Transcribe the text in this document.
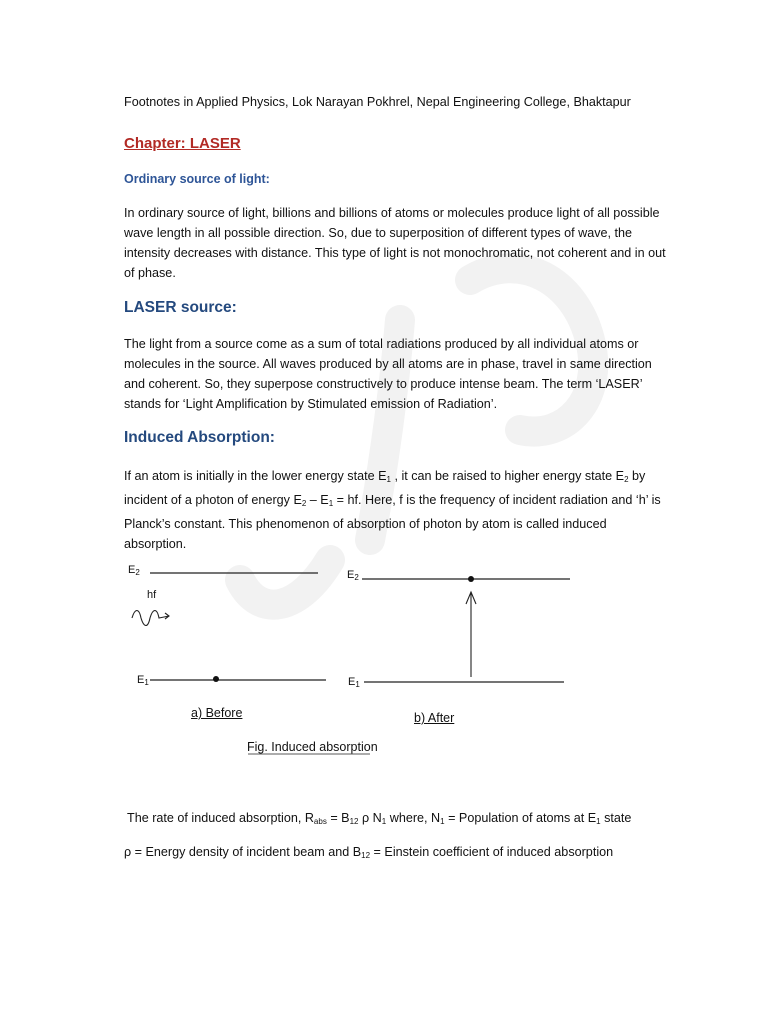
Footnotes in Applied Physics, Lok Narayan Pokhrel, Nepal Engineering College, Bhaktapur
Chapter: LASER
Ordinary source of light:

In ordinary source of light, billions and billions of atoms or molecules produce light of all possible

wave length in all possible direction. So, due to superposition of different types of wave, the

intensity decreases with distance. This type of light is not monochromatic, not coherent and in out

of phase.

LASER source:

The light from a source come as a sum of total radiations produced by all individual atoms or

molecules in the source. All waves produced by all atoms are in phase, travel in same direction

and coherent. So, they superpose constructively to produce intense beam. The term ‘LASER’

stands for ‘Light Amplification by Stimulated emission of Radiation’.

Induced Absorption:

If an atom is initially in the lower energy state $E_1$ , it can be raised to higher energy state $E_2$ by

incident of a photon of energy $E_2 - E_1$ = hf. Here, f is the frequency of incident radiation and ‘h’ is

Planck’s constant. This phenomenon of absorption of photon by atom is called induced

absorption.

$E_2$
hf
$E_1$
$E_2$
$E_1$
a) Before	b) After
Fig. Induced absorption
The rate of induced absorption, $R_{abs} = B_{12}$ ρ $N_1$ where, $N_1$ = Population of atoms at $E_1$ state
ρ = Energy density of incident beam and $B_{12}$ = Einstein coefficient of induced absorption
